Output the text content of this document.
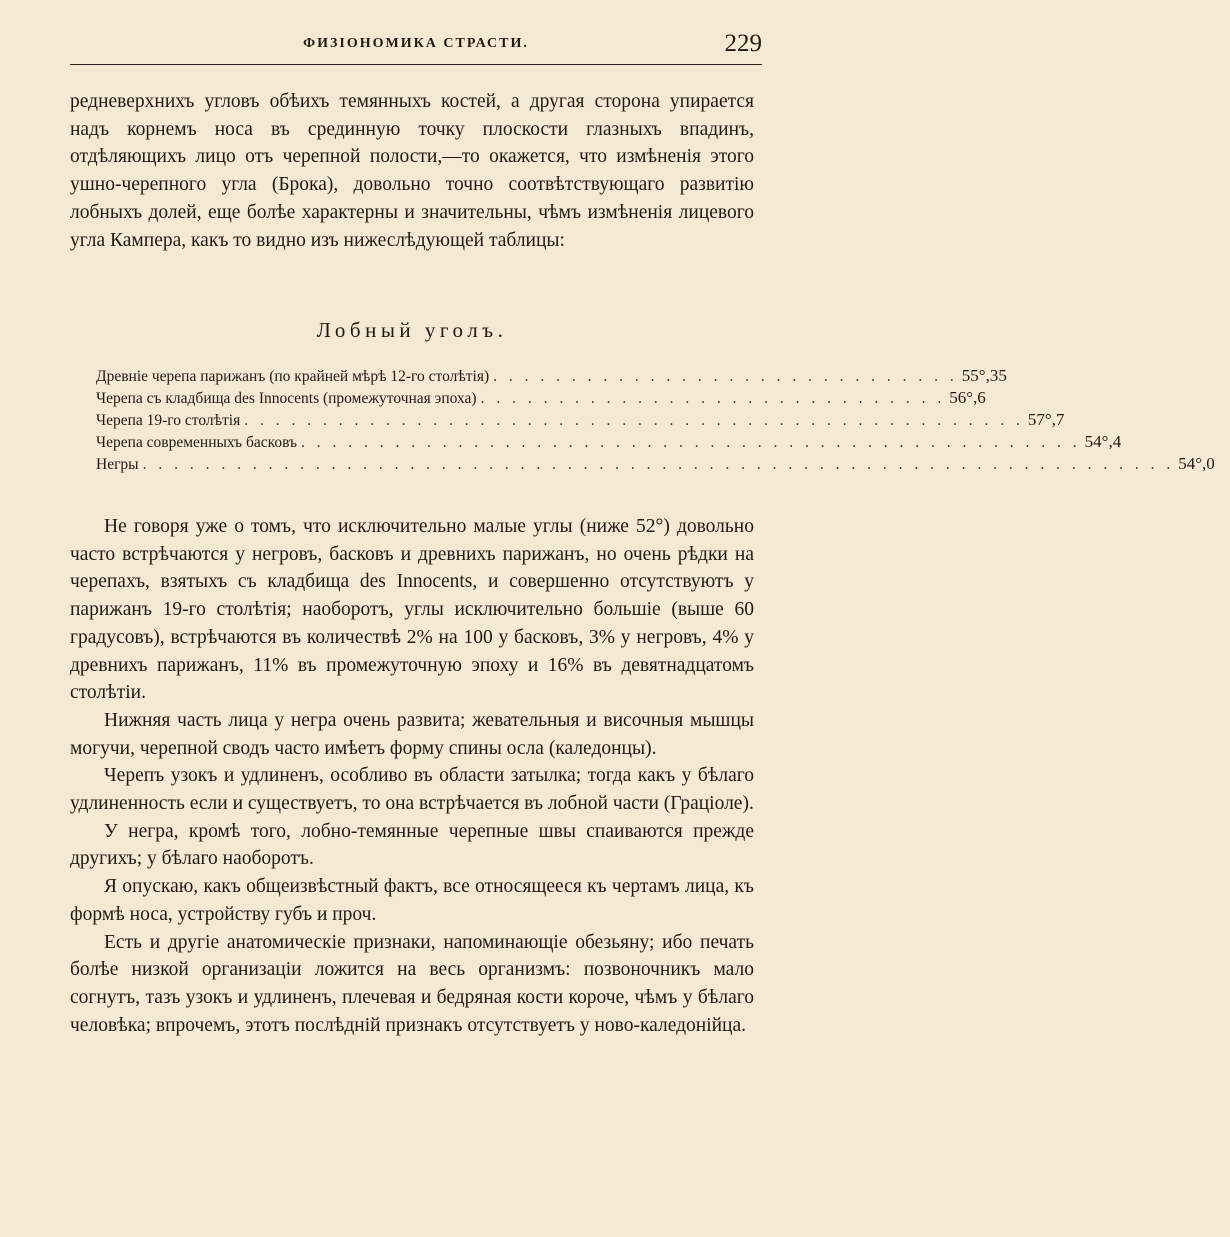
ФИЗІОНОМИКА СТРАСТИ.	229

редневерхнихъ угловъ обѣихъ темянныхъ костей, а другая сторона упирается надъ корнемъ носа въ срединную точку плоскости глазныхъ впадинъ, отдѣляющихъ лицо отъ черепной полости,—то окажется, что измѣненія этого ушно-черепного угла (Брока), довольно точно соотвѣтствующаго развитію лобныхъ долей, еще болѣе характерны и значительны, чѣмъ измѣненія лицевого угла Кампера, какъ то видно изъ нижеслѣдующей таблицы:

Лобный уголъ.
Древніе черепа парижанъ (по крайней мѣрѣ 12-го столѣтія) . . . . . . . . . . . . . . . . . . . . . . . . . . . . . . 55°,35
Черепа съ кладбища des Innocents (промежуточная эпоха) . . . . . . . . . . . . . . . . . . . . . . . . . . . . . . 56°,6
Черепа 19-го столѣтія . . . . . . . . . . . . . . . . . . . . . . . . . . . . . . . . . . . . . . . . . . . . . . . . . . 57°,7
Черепа современныхъ басковъ . . . . . . . . . . . . . . . . . . . . . . . . . . . . . . . . . . . . . . . . . . . . . . . . . . 54°,4
Негры . . . . . . . . . . . . . . . . . . . . . . . . . . . . . . . . . . . . . . . . . . . . . . . . . . . . . . . . . . . . . . . . . . 54°,0

Не говоря уже о томъ, что исключительно малые углы (ниже 52°) довольно часто встрѣчаются у негровъ, басковъ и древнихъ парижанъ, но очень рѣдки на черепахъ, взятыхъ съ кладбища des Innocents, и совершенно отсутствуютъ у парижанъ 19-го столѣтія; наоборотъ, углы исключительно большіе (выше 60 градусовъ), встрѣчаются въ количествѣ 2% на 100 у басковъ, 3% у негровъ, 4% у древнихъ парижанъ, 11% въ промежуточную эпоху и 16% въ девятнадцатомъ столѣтіи.

Нижняя часть лица у негра очень развита; жевательныя и височныя мышцы могучи, черепной сводъ часто имѣетъ форму спины осла (каледонцы).

Черепъ узокъ и удлиненъ, особливо въ области затылка; тогда какъ у бѣлаго удлиненность если и существуетъ, то она встрѣчается въ лобной части (Граціоле).

У негра, кромѣ того, лобно-темянные черепные швы спаиваются прежде другихъ; у бѣлаго наоборотъ.

Я опускаю, какъ общеизвѣстный фактъ, все относящееся къ чертамъ лица, къ формѣ носа, устройству губъ и проч.

Есть и другіе анатомическіе признаки, напоминающіе обезьяну; ибо печать болѣе низкой организаціи ложится на весь организмъ: позвоночникъ мало согнутъ, тазъ узокъ и удлиненъ, плечевая и бедряная кости короче, чѣмъ у бѣлаго человѣка; впрочемъ, этотъ послѣдній признакъ отсутствуетъ у ново-каледонійца.
